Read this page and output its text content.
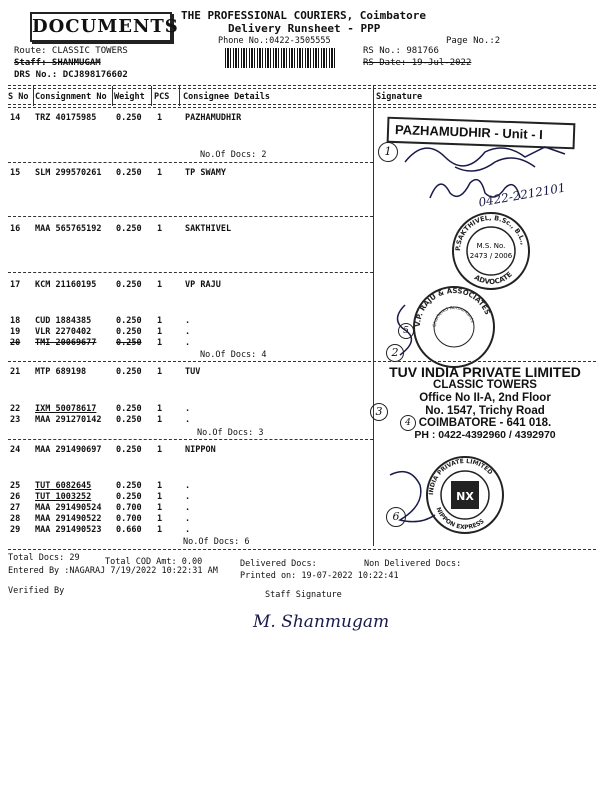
DOCUMENTS
THE PROFESSIONAL COURIERS, Coimbatore
Delivery Runsheet - PPP
Phone No.:0422-3505555	Page No.:2
Route: CLASSIC TOWERS
Staff: SHANMUGAM
DRS No.: DCJ898176602
RS No.: 981766
RS Date: 19-Jul-2022
S No Consignment No Weight PCS Consignee Details	Signature
14 TRZ 40175985 0.250 1	PAZHAMUDHIR
No.Of Docs: 2
15 SLM 299570261 0.250 1	TP SWAMY
16 MAA 565765192 0.250 1	SAKTHIVEL
17 KCM 21160195 0.250 1	VP RAJU
18 CUD 1884385	0.250 1	.
19 VLR 2270402	0.250 1	.
20 TMI 20069677 0.250 1	.
No.Of Docs: 4
21 MTP 689198	0.250 1	TUV
22 IXM 50078617 0.250 1	.
23 MAA 291270142 0.250 1	.
No.Of Docs: 3
24 MAA 291490697 0.250 1	NIPPON
25 TUT 6082645	0.250 1	.
26 TUT 1003252	0.250 1	.
27 MAA 291490524 0.700 1	.
28 MAA 291490522 0.700 1	.
29 MAA 291490523 0.660 1	.
No.Of Docs: 6
Total Docs: 29	Total COD Amt: 0.00	Delivered Docs:	Non Delivered Docs:
Entered By :NAGARAJ 7/19/2022 10:22:31 AM	Printed on: 19-07-2022 10:22:41
Verified By	Staff Signature
M. Shanmugam
PAZHAMUDHIR - Unit - I
1
0422-2212101
P.SAKTHIVEL, B.Sc., B.L.,
ADVOCATE
M.S. No.
2473 / 2006
V.P. RAJU & ASSOCIATES
Chartered Accountants
2
TUV INDIA PRIVATE LIMITED
CLASSIC TOWERS
Office No II-A, 2nd Floor
No. 1547, Trichy Road
COIMBATORE - 641 018.
PH : 0422-4392960 / 4392970
3
NX
INDIA PRIVATE LIMITED
NIPPON EXPRESS
6
5
4
